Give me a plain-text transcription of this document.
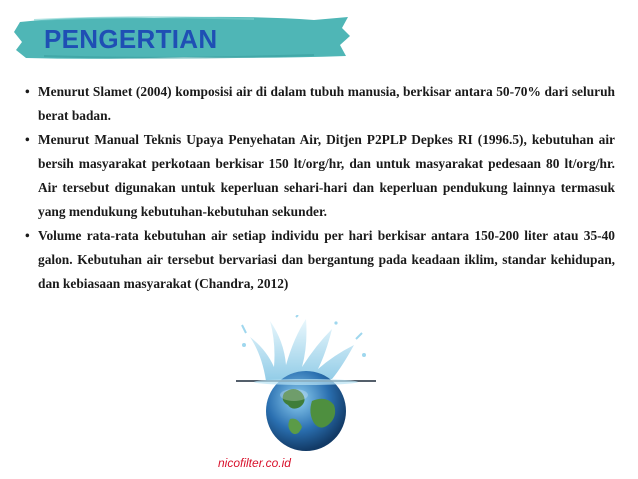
PENGERTIAN
• Menurut Slamet (2004) komposisi air di dalam tubuh manusia, berkisar antara 50-70% dari seluruh berat badan.
• Menurut Manual Teknis Upaya Penyehatan Air, Ditjen P2PLP Depkes RI (1996.5), kebutuhan air bersih masyarakat perkotaan berkisar 150 lt/org/hr, dan untuk masyarakat pedesaan 80 lt/org/hr. Air tersebut digunakan untuk keperluan sehari-hari dan keperluan pendukung lainnya termasuk yang mendukung kebutuhan-kebutuhan sekunder.
• Volume rata-rata kebutuhan air setiap individu per hari berkisar antara 150-200 liter atau 35-40 galon. Kebutuhan air tersebut bervariasi dan bergantung pada keadaan iklim, standar kehidupan, dan kebiasaan masyarakat (Chandra, 2012)
nicofilter.co.id
